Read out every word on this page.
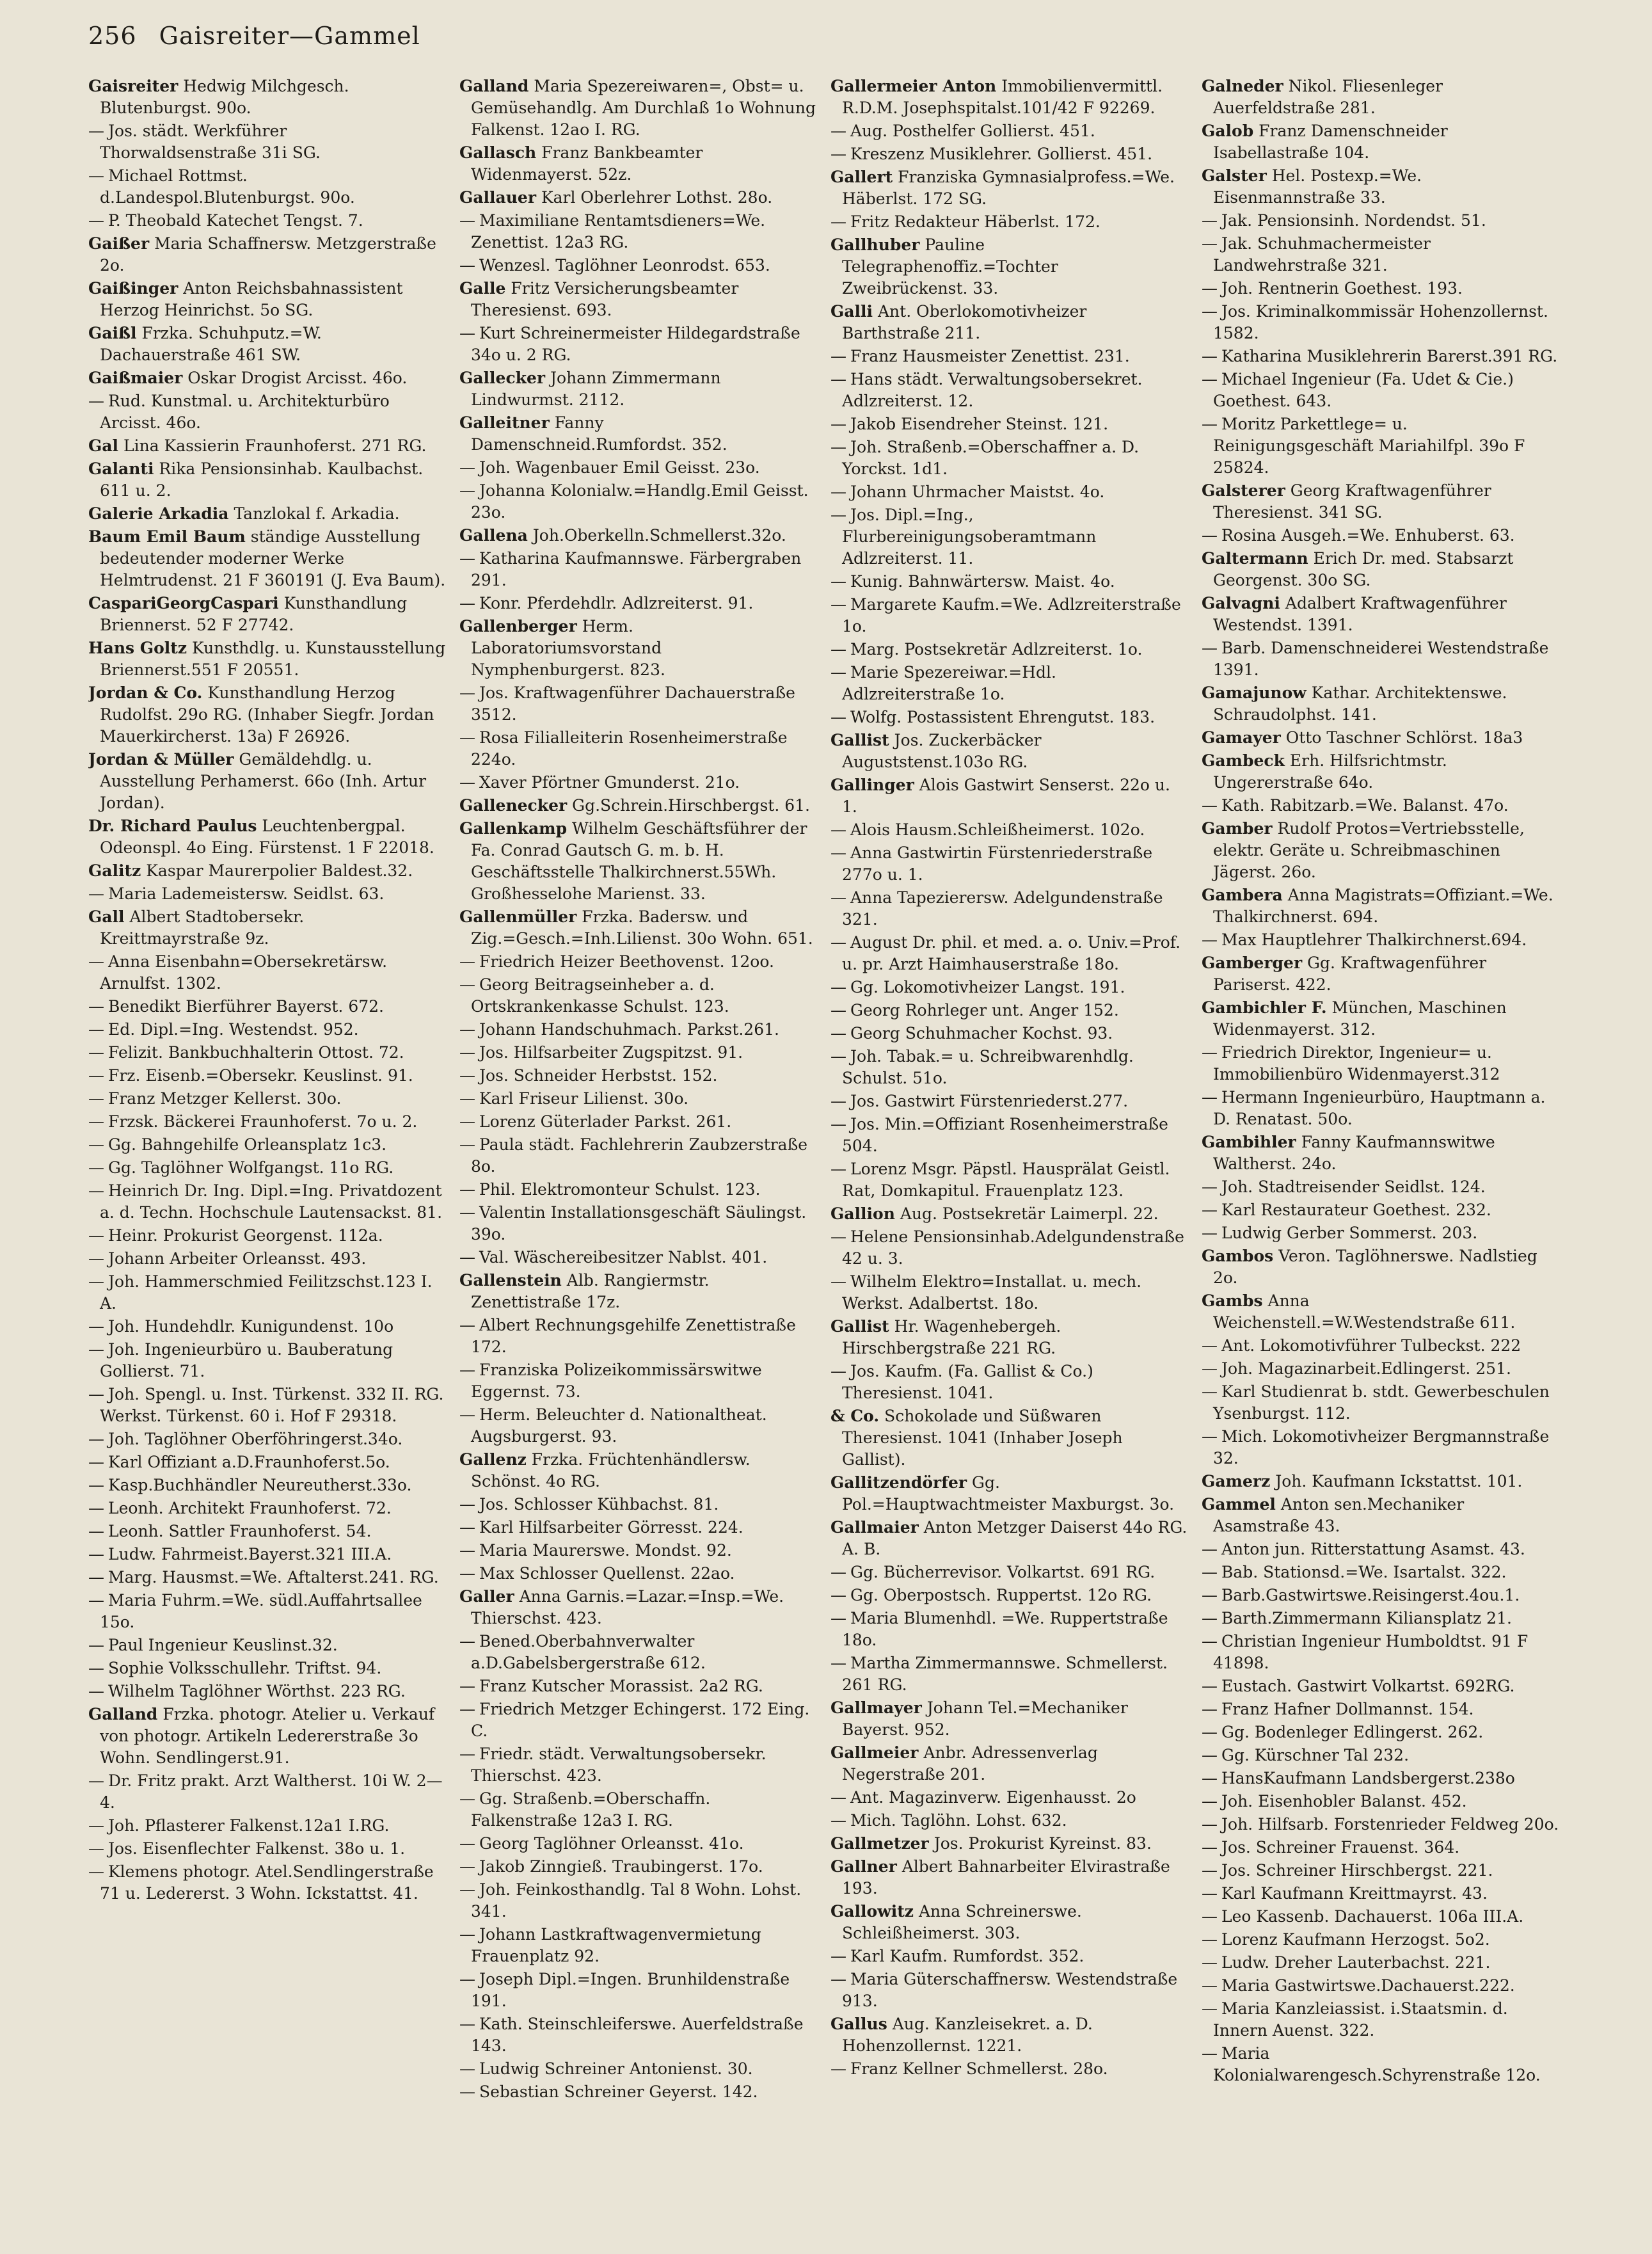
256 Gaisreiter—Gammel
Gaisreiter Hedwig Milchgesch. Blutenburgst. 90o.
— Jos. städt. Werkführer Thorwaldsenstraße 31i SG.
— Michael Rottmst. d.Landespol.Blutenburgst. 90o.
— P. Theobald Katechet Tengst. 7.
Gaißer Maria Schaffnersw. Metzgerstraße 2o.
Gaißinger Anton Reichsbahnassistent Herzog Heinrichst. 5o SG.
Gaißl Frzka. Schuhputz.=W. Dachauerstraße 461 SW.
Gaißmaier Oskar Drogist Arcisst. 46o.
— Rud. Kunstmal. u. Architekturbüro Arcisst. 46o.
Gal Lina Kassierin Fraunhoferst. 271 RG.
Galanti Rika Pensionsinhab. Kaulbachst. 611 u. 2.
Galerie Arkadia Tanzlokal f. Arkadia.
Baum Emil Baum ständige Ausstellung bedeutender moderner Werke Helmtrudenst. 21 F 360191 (J. Eva Baum).
CaspariGeorgCaspari Kunsthandlung Briennerst. 52 F 27742.
Hans Goltz Kunsthdlg. u. Kunstausstellung Briennerst.551 F 20551.
Jordan & Co. Kunsthandlung Herzog Rudolfst. 29o RG. (Inhaber Siegfr. Jordan Mauerkircherst. 13a) F 26926.
Jordan & Müller Gemäldehdlg. u. Ausstellung Perhamerst. 66o (Inh. Artur Jordan).
Dr. Richard Paulus Leuchtenbergpal. Odeonspl. 4o Eing. Fürstenst. 1 F 22018.
Galitz Kaspar Maurerpolier Baldest.32.
— Maria Lademeistersw. Seidlst. 63.
Gall Albert Stadtobersekr. Kreittmayrstraße 9z.
— Anna Eisenbahn=Obersekretärsw. Arnulfst. 1302.
— Benedikt Bierführer Bayerst. 672.
— Ed. Dipl.=Ing. Westendst. 952.
— Felizit. Bankbuchhalterin Ottost. 72.
— Frz. Eisenb.=Obersekr. Keuslinst. 91.
— Franz Metzger Kellerst. 30o.
— Frzsk. Bäckerei Fraunhoferst. 7o u. 2.
— Gg. Bahngehilfe Orleansplatz 1c3.
— Gg. Taglöhner Wolfgangst. 11o RG.
— Heinrich Dr. Ing. Dipl.=Ing. Privatdozent a. d. Techn. Hochschule Lautensackst. 81.
— Heinr. Prokurist Georgenst. 112a.
— Johann Arbeiter Orleansst. 493.
— Joh. Hammerschmied Feilitzschst.123 I. A.
— Joh. Hundehdlr. Kunigundenst. 10o
— Joh. Ingenieurbüro u. Bauberatung Gollierst. 71.
— Joh. Spengl. u. Inst. Türkenst. 332 II. RG. Werkst. Türkenst. 60 i. Hof F 29318.
— Joh. Taglöhner Oberföhringerst.34o.
— Karl Offiziant a.D.Fraunhoferst.5o.
— Kasp.Buchhändler Neureutherst.33o.
— Leonh. Architekt Fraunhoferst. 72.
— Leonh. Sattler Fraunhoferst. 54.
— Ludw. Fahrmeist.Bayerst.321 III.A.
— Marg. Hausmst.=We. Aftalterst.241. RG.
— Maria Fuhrm.=We. südl.Auffahrtsallee 15o.
— Paul Ingenieur Keuslinst.32.
— Sophie Volksschullehr. Triftst. 94.
— Wilhelm Taglöhner Wörthst. 223 RG.
Galland Frzka. photogr. Atelier u. Verkauf von photogr. Artikeln Ledererstraße 3o Wohn. Sendlingerst.91.
— Dr. Fritz prakt. Arzt Waltherst. 10i W. 2—4.
— Joh. Pflasterer Falkenst.12a1 I.RG.
— Jos. Eisenflechter Falkenst. 38o u. 1.
— Klemens photogr. Atel.Sendlingerstraße 71 u. Ledererst. 3 Wohn. Ickstattst. 41.
Galland Maria Spezereiwaren=, Obst= u. Gemüsehandlg. Am Durchlaß 1o Wohnung Falkenst. 12ao I. RG.
Gallasch Franz Bankbeamter Widenmayerst. 52z.
Gallauer Karl Oberlehrer Lothst. 28o.
— Maximiliane Rentamtsdieners=We. Zenettist. 12a3 RG.
— Wenzesl. Taglöhner Leonrodst. 653.
Galle Fritz Versicherungsbeamter Theresienst. 693.
— Kurt Schreinermeister Hildegardstraße 34o u. 2 RG.
Gallecker Johann Zimmermann Lindwurmst. 2112.
Galleitner Fanny Damenschneid.Rumfordst. 352.
— Joh. Wagenbauer Emil Geisst. 23o.
— Johanna Kolonialw.=Handlg.Emil Geisst. 23o.
Gallena Joh.Oberkelln.Schmellerst.32o.
— Katharina Kaufmannswe. Färbergraben 291.
— Konr. Pferdehdlr. Adlzreiterst. 91.
Gallenberger Herm. Laboratoriumsvorstand Nymphenburgerst. 823.
— Jos. Kraftwagenführer Dachauerstraße 3512.
— Rosa Filialleiterin Rosenheimerstraße 224o.
— Xaver Pförtner Gmunderst. 21o.
Gallenecker Gg.Schrein.Hirschbergst. 61.
Gallenkamp Wilhelm Geschäftsführer der Fa. Conrad Gautsch G. m. b. H. Geschäftsstelle Thalkirchnerst.55Wh. Großhesselohe Marienst. 33.
Gallenmüller Frzka. Badersw. und Zig.=Gesch.=Inh.Lilienst. 30o Wohn. 651.
— Friedrich Heizer Beethovenst. 12oo.
— Georg Beitragseinheber a. d. Ortskrankenkasse Schulst. 123.
— Johann Handschuhmach. Parkst.261.
— Jos. Hilfsarbeiter Zugspitzst. 91.
— Jos. Schneider Herbstst. 152.
— Karl Friseur Lilienst. 30o.
— Lorenz Güterlader Parkst. 261.
— Paula städt. Fachlehrerin Zaubzerstraße 8o.
— Phil. Elektromonteur Schulst. 123.
— Valentin Installationsgeschäft Säulingst. 39o.
— Val. Wäschereibesitzer Nablst. 401.
Gallenstein Alb. Rangiermstr. Zenettistraße 17z.
— Albert Rechnungsgehilfe Zenettistraße 172.
— Franziska Polizeikommissärswitwe Eggernst. 73.
— Herm. Beleuchter d. Nationaltheat. Augsburgerst. 93.
Gallenz Frzka. Früchtenhändlersw. Schönst. 4o RG.
— Jos. Schlosser Kühbachst. 81.
— Karl Hilfsarbeiter Görresst. 224.
— Maria Maurerswe. Mondst. 92.
— Max Schlosser Quellenst. 22ao.
Galler Anna Garnis.=Lazar.=Insp.=We. Thierschst. 423.
— Bened.Oberbahnverwalter a.D.Gabelsbergerstraße 612.
— Franz Kutscher Morassist. 2a2 RG.
— Friedrich Metzger Echingerst. 172 Eing. C.
— Friedr. städt. Verwaltungsobersekr. Thierschst. 423.
— Gg. Straßenb.=Oberschaffn. Falkenstraße 12a3 I. RG.
— Georg Taglöhner Orleansst. 41o.
— Jakob Zinngieß. Traubingerst. 17o.
— Joh. Feinkosthandlg. Tal 8 Wohn. Lohst. 341.
— Johann Lastkraftwagenvermietung Frauenplatz 92.
— Joseph Dipl.=Ingen. Brunhildenstraße 191.
— Kath. Steinschleiferswe. Auerfeldstraße 143.
— Ludwig Schreiner Antonienst. 30.
— Sebastian Schreiner Geyerst. 142.
Gallermeier Anton Immobilienvermittl. R.D.M. Josephspitalst.101/42 F 92269.
— Aug. Posthelfer Gollierst. 451.
— Kreszenz Musiklehrer. Gollierst. 451.
Gallert Franziska Gymnasialprofess.=We. Häberlst. 172 SG.
— Fritz Redakteur Häberlst. 172.
Gallhuber Pauline Telegraphenoffiz.=Tochter Zweibrückenst. 33.
Galli Ant. Oberlokomotivheizer Barthstraße 211.
— Franz Hausmeister Zenettist. 231.
— Hans städt. Verwaltungsobersekret. Adlzreiterst. 12.
— Jakob Eisendreher Steinst. 121.
— Joh. Straßenb.=Oberschaffner a. D. Yorckst. 1d1.
— Johann Uhrmacher Maistst. 4o.
— Jos. Dipl.=Ing., Flurbereinigungsoberamtmann Adlzreiterst. 11.
— Kunig. Bahnwärtersw. Maist. 4o.
— Margarete Kaufm.=We. Adlzreiterstraße 1o.
— Marg. Postsekretär Adlzreiterst. 1o.
— Marie Spezereiwar.=Hdl. Adlzreiterstraße 1o.
— Wolfg. Postassistent Ehrengutst. 183.
Gallist Jos. Zuckerbäcker Auguststenst.103o RG.
Gallinger Alois Gastwirt Senserst. 22o u. 1.
— Alois Hausm.Schleißheimerst. 102o.
— Anna Gastwirtin Fürstenriederstraße 277o u. 1.
— Anna Tapezierersw. Adelgundenstraße 321.
— August Dr. phil. et med. a. o. Univ.=Prof. u. pr. Arzt Haimhauserstraße 18o.
— Gg. Lokomotivheizer Langst. 191.
— Georg Rohrleger unt. Anger 152.
— Georg Schuhmacher Kochst. 93.
— Joh. Tabak.= u. Schreibwarenhdlg. Schulst. 51o.
— Jos. Gastwirt Fürstenriederst.277.
— Jos. Min.=Offiziant Rosenheimerstraße 504.
— Lorenz Msgr. Päpstl. Hausprälat Geistl. Rat, Domkapitul. Frauenplatz 123.
Gallion Aug. Postsekretär Laimerpl. 22.
— Helene Pensionsinhab.Adelgundenstraße 42 u. 3.
— Wilhelm Elektro=Installat. u. mech. Werkst. Adalbertst. 18o.
Gallist Hr. Wagenhebergeh. Hirschbergstraße 221 RG.
— Jos. Kaufm. (Fa. Gallist & Co.) Theresienst. 1041.
& Co. Schokolade und Süßwaren Theresienst. 1041 (Inhaber Joseph Gallist).
Gallitzendörfer Gg. Pol.=Hauptwachtmeister Maxburgst. 3o.
Gallmaier Anton Metzger Daiserst 44o RG. A. B.
— Gg. Bücherrevisor. Volkartst. 691 RG.
— Gg. Oberpostsch. Ruppertst. 12o RG.
— Maria Blumenhdl. =We. Ruppertstraße 18o.
— Martha Zimmermannswe. Schmellerst. 261 RG.
Gallmayer Johann Tel.=Mechaniker Bayerst. 952.
Gallmeier Anbr. Adressenverlag Negerstraße 201.
— Ant. Magazinverw. Eigenhausst. 2o
— Mich. Taglöhn. Lohst. 632.
Gallmetzer Jos. Prokurist Kyreinst. 83.
Gallner Albert Bahnarbeiter Elvirastraße 193.
Gallowitz Anna Schreinerswe. Schleißheimerst. 303.
— Karl Kaufm. Rumfordst. 352.
— Maria Güterschaffnersw. Westendstraße 913.
Gallus Aug. Kanzleisekret. a. D. Hohenzollernst. 1221.
— Franz Kellner Schmellerst. 28o.
Galneder Nikol. Fliesenleger Auerfeldstraße 281.
Galob Franz Damenschneider Isabellastraße 104.
Galster Hel. Postexp.=We. Eisenmannstraße 33.
— Jak. Pensionsinh. Nordendst. 51.
— Jak. Schuhmachermeister Landwehrstraße 321.
— Joh. Rentnerin Goethest. 193.
— Jos. Kriminalkommissär Hohenzollernst. 1582.
— Katharina Musiklehrerin Barerst.391 RG.
— Michael Ingenieur (Fa. Udet & Cie.) Goethest. 643.
— Moritz Parkettlege= u. Reinigungsgeschäft Mariahilfpl. 39o F 25824.
Galsterer Georg Kraftwagenführer Theresienst. 341 SG.
— Rosina Ausgeh.=We. Enhuberst. 63.
Galtermann Erich Dr. med. Stabsarzt Georgenst. 30o SG.
Galvagni Adalbert Kraftwagenführer Westendst. 1391.
— Barb. Damenschneiderei Westendstraße 1391.
Gamajunow Kathar. Architektenswe. Schraudolphst. 141.
Gamayer Otto Taschner Schlörst. 18a3
Gambeck Erh. Hilfsrichtmstr. Ungererstraße 64o.
— Kath. Rabitzarb.=We. Balanst. 47o.
Gamber Rudolf Protos=Vertriebsstelle, elektr. Geräte u. Schreibmaschinen Jägerst. 26o.
Gambera Anna Magistrats=Offiziant.=We. Thalkirchnerst. 694.
— Max Hauptlehrer Thalkirchnerst.694.
Gamberger Gg. Kraftwagenführer Pariserst. 422.
Gambichler F. München, Maschinen Widenmayerst. 312.
— Friedrich Direktor, Ingenieur= u. Immobilienbüro Widenmayerst.312
— Hermann Ingenieurbüro, Hauptmann a. D. Renatast. 50o.
Gambihler Fanny Kaufmannswitwe Waltherst. 24o.
— Joh. Stadtreisender Seidlst. 124.
— Karl Restaurateur Goethest. 232.
— Ludwig Gerber Sommerst. 203.
Gambos Veron. Taglöhnerswe. Nadlstieg 2o.
Gambs Anna Weichenstell.=W.Westendstraße 611.
— Ant. Lokomotivführer Tulbeckst. 222
— Joh. Magazinarbeit.Edlingerst. 251.
— Karl Studienrat b. stdt. Gewerbeschulen Ysenburgst. 112.
— Mich. Lokomotivheizer Bergmannstraße 32.
Gamerz Joh. Kaufmann Ickstattst. 101.
Gammel Anton sen.Mechaniker Asamstraße 43.
— Anton jun. Ritterstattung Asamst. 43.
— Bab. Stationsd.=We. Isartalst. 322.
— Barb.Gastwirtswe.Reisingerst.4ou.1.
— Barth.Zimmermann Kiliansplatz 21.
— Christian Ingenieur Humboldtst. 91 F 41898.
— Eustach. Gastwirt Volkartst. 692RG.
— Franz Hafner Dollmannst. 154.
— Gg. Bodenleger Edlingerst. 262.
— Gg. Kürschner Tal 232.
— HansKaufmann Landsbergerst.238o
— Joh. Eisenhobler Balanst. 452.
— Joh. Hilfsarb. Forstenrieder Feldweg 20o.
— Jos. Schreiner Frauenst. 364.
— Jos. Schreiner Hirschbergst. 221.
— Karl Kaufmann Kreittmayrst. 43.
— Leo Kassenb. Dachauerst. 106a III.A.
— Lorenz Kaufmann Herzogst. 5o2.
— Ludw. Dreher Lauterbachst. 221.
— Maria Gastwirtswe.Dachauerst.222.
— Maria Kanzleiassist. i.Staatsmin. d. Innern Auenst. 322.
— Maria Kolonialwarengesch.Schyrenstraße 12o.
